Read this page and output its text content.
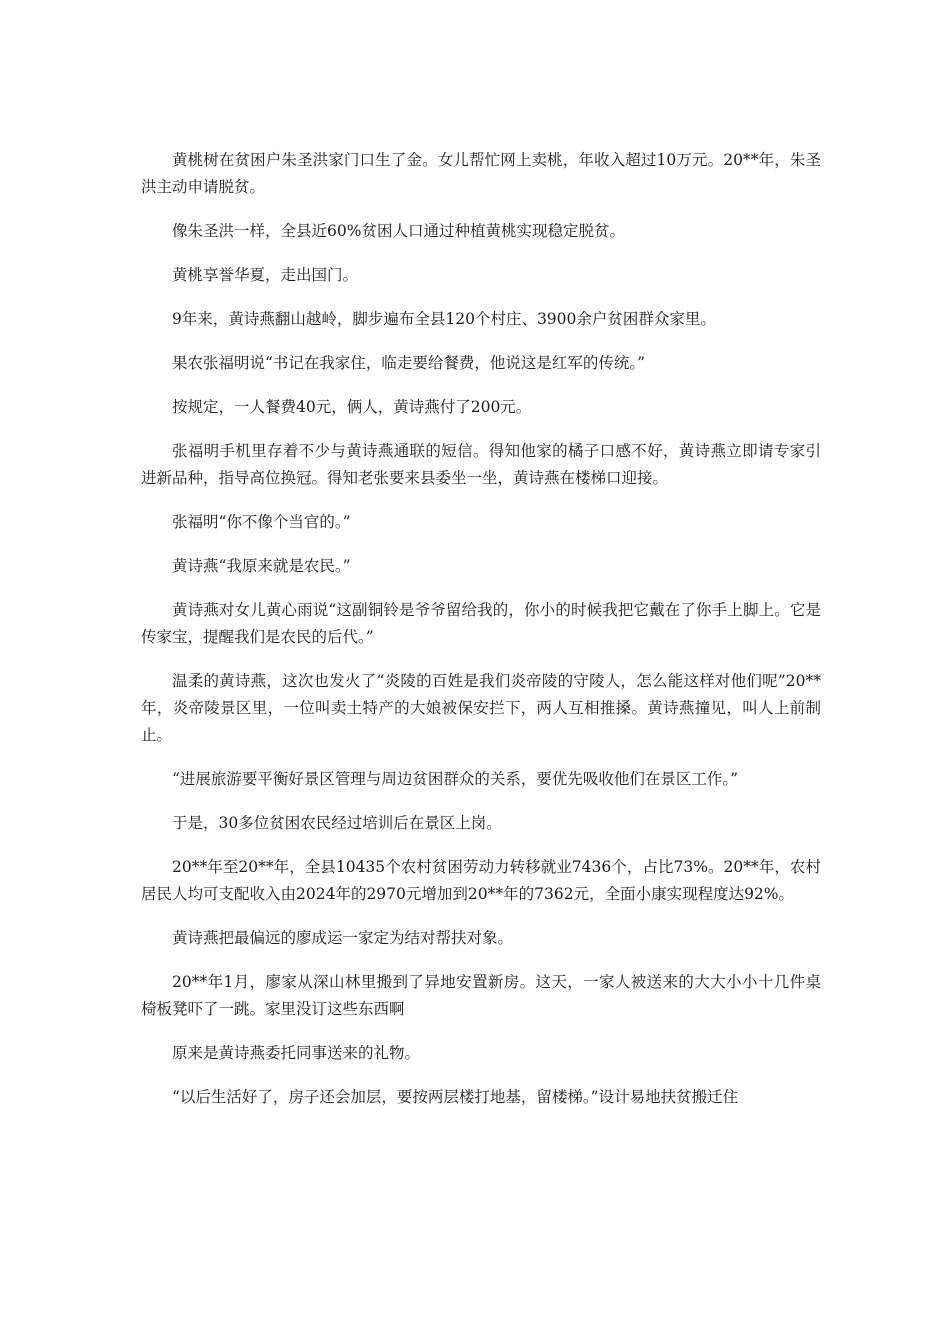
黄桃树在贫困户朱圣洪家门口生了金。女儿帮忙网上卖桃，年收入超过10万元。20**年，朱圣洪主动申请脱贫。

像朱圣洪一样，全县近60%贫困人口通过种植黄桃实现稳定脱贫。

黄桃享誉华夏，走出国门。

9年来，黄诗燕翻山越岭，脚步遍布全县120个村庄、3900余户贫困群众家里。

果农张福明说“书记在我家住，临走要给餐费，他说这是红军的传统。”

按规定，一人餐费40元，俩人，黄诗燕付了200元。

张福明手机里存着不少与黄诗燕通联的短信。得知他家的橘子口感不好，黄诗燕立即请专家引进新品种，指导高位换冠。得知老张要来县委坐一坐，黄诗燕在楼梯口迎接。

张福明“你不像个当官的。”

黄诗燕“我原来就是农民。”

黄诗燕对女儿黄心雨说“这副铜铃是爷爷留给我的，你小的时候我把它戴在了你手上脚上。它是传家宝，提醒我们是农民的后代。”

温柔的黄诗燕，这次也发火了“炎陵的百姓是我们炎帝陵的守陵人，怎么能这样对他们呢”20**年，炎帝陵景区里，一位叫卖土特产的大娘被保安拦下，两人互相推搡。黄诗燕撞见，叫人上前制止。

“进展旅游要平衡好景区管理与周边贫困群众的关系，要优先吸收他们在景区工作。”

于是，30多位贫困农民经过培训后在景区上岗。

20**年至20**年，全县10435个农村贫困劳动力转移就业7436个，占比73%。20**年，农村居民人均可支配收入由2024年的2970元增加到20**年的7362元，全面小康实现程度达92%。

黄诗燕把最偏远的廖成运一家定为结对帮扶对象。

20**年1月，廖家从深山林里搬到了异地安置新房。这天，一家人被送来的大大小小十几件桌椅板凳吓了一跳。家里没订这些东西啊

原来是黄诗燕委托同事送来的礼物。

“以后生活好了，房子还会加层，要按两层楼打地基，留楼梯。”设计易地扶贫搬迁住
